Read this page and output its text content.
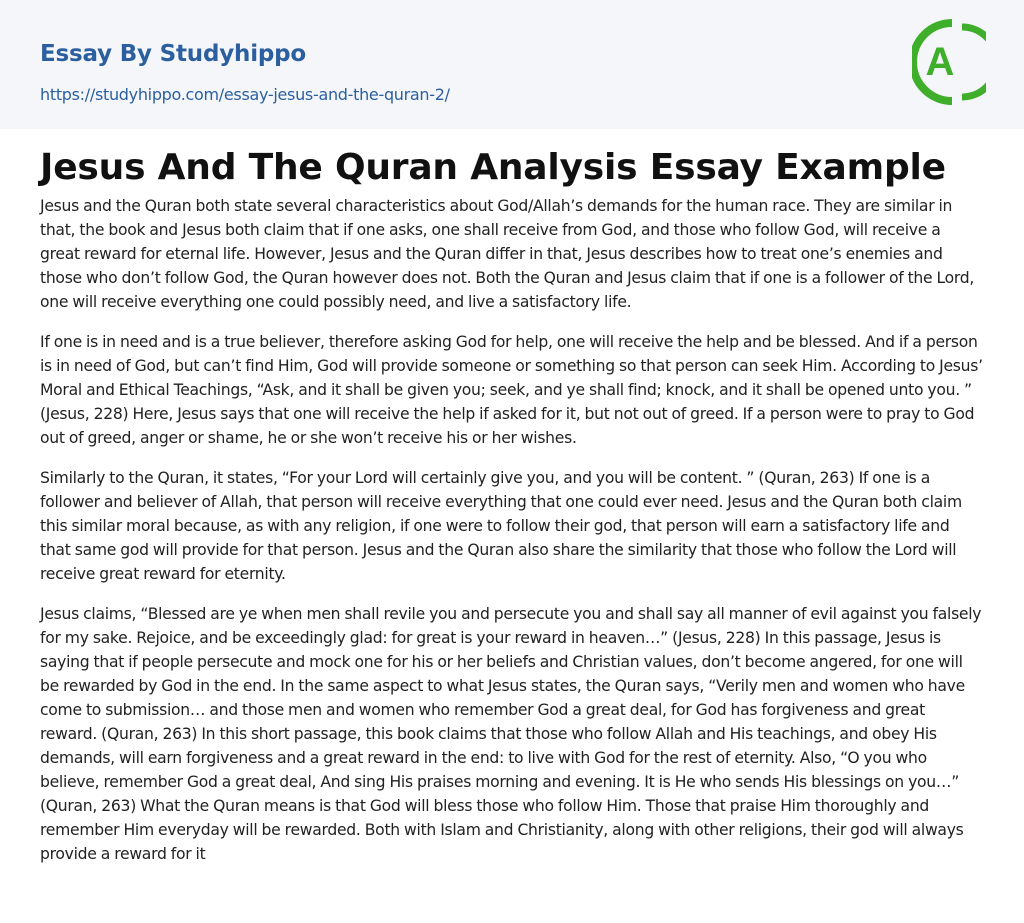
Essay By Studyhippo
https://studyhippo.com/essay-jesus-and-the-quran-2/
A
Jesus And The Quran Analysis Essay Example

Jesus and the Quran both state several characteristics about God/Allah’s demands for the human race. They are similar in that, the book and Jesus both claim that if one asks, one shall receive from God, and those who follow God, will receive a great reward for eternal life. However, Jesus and the Quran differ in that, Jesus describes how to treat one’s enemies and those who don’t follow God, the Quran however does not. Both the Quran and Jesus claim that if one is a follower of the Lord, one will receive everything one could possibly need, and live a satisfactory life.

If one is in need and is a true believer, therefore asking God for help, one will receive the help and be blessed. And if a person is in need of God, but can’t find Him, God will provide someone or something so that person can seek Him. According to Jesus’ Moral and Ethical Teachings, “Ask, and it shall be given you; seek, and ye shall find; knock, and it shall be opened unto you. ” (Jesus, 228) Here, Jesus says that one will receive the help if asked for it, but not out of greed. If a person were to pray to God out of greed, anger or shame, he or she won’t receive his or her wishes.

Similarly to the Quran, it states, “For your Lord will certainly give you, and you will be content. ” (Quran, 263) If one is a follower and believer of Allah, that person will receive everything that one could ever need. Jesus and the Quran both claim this similar moral because, as with any religion, if one were to follow their god, that person will earn a satisfactory life and that same god will provide for that person. Jesus and the Quran also share the similarity that those who follow the Lord will receive great reward for eternity.

Jesus claims, “Blessed are ye when men shall revile you and persecute you and shall say all manner of evil against you falsely for my sake. Rejoice, and be exceedingly glad: for great is your reward in heaven…” (Jesus, 228) In this passage, Jesus is saying that if people persecute and mock one for his or her beliefs and Christian values, don’t become angered, for one will be rewarded by God in the end. In the same aspect to what Jesus states, the Quran says, “Verily men and women who have come to submission… and those men and women who remember God a great deal, for God has forgiveness and great reward. (Quran, 263) In this short passage, this book claims that those who follow Allah and His teachings, and obey His demands, will earn forgiveness and a great reward in the end: to live with God for the rest of eternity. Also, “O you who believe, remember God a great deal, And sing His praises morning and evening. It is He who sends His blessings on you…” (Quran, 263) What the Quran means is that God will bless those who follow Him. Those that praise Him thoroughly and remember Him everyday will be rewarded. Both with Islam and Christianity, along with other religions, their god will always provide a reward for it
